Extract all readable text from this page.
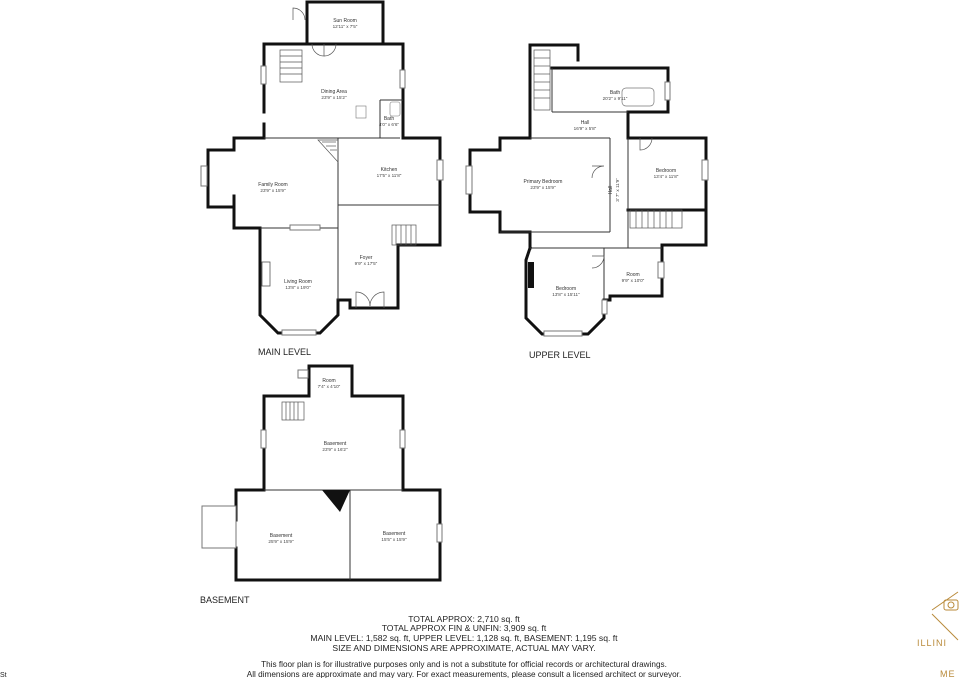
Sun Room
12'11" x 7'5"
Dining Area
23'9" x 15'2"
Bath
4'0" x 6'6"
Family Room
23'9" x 15'9"
Kitchen
17'5" x 11'8"
Foyer
9'9" x 17'5"
Living Room
13'8" x 19'0"
MAIN LEVEL
Bath
20'2" x 9'11"
Hall
16'9" x 5'8"
Primary Bedroom
23'9" x 15'9"	Hall 3' 7" x 11'9"
Bedroom
13'4" x 11'8"
Room
9'9" x 10'0"
Bedroom
13'8" x 15'11"
UPPER LEVEL
Room
7'4" x 4'10"
Basement
23'9" x 16'2"
Basement
25'9" x 15'9"
Basement
15'5" x 15'9"
BASEMENT
TOTAL APPROX: 2,710 sq. ft
TOTAL APPROX FIN & UNFIN: 3,909 sq. ft
MAIN LEVEL: 1,582 sq. ft, UPPER LEVEL: 1,128 sq. ft, BASEMENT: 1,195 sq. ft
SIZE AND DIMENSIONS ARE APPROXIMATE, ACTUAL MAY VARY.
This floor plan is for illustrative purposes only and is not a substitute for official records or architectural drawings.
All dimensions are approximate and may vary. For exact measurements, please consult a licensed architect or surveyor.
St
ILLINI
ME
